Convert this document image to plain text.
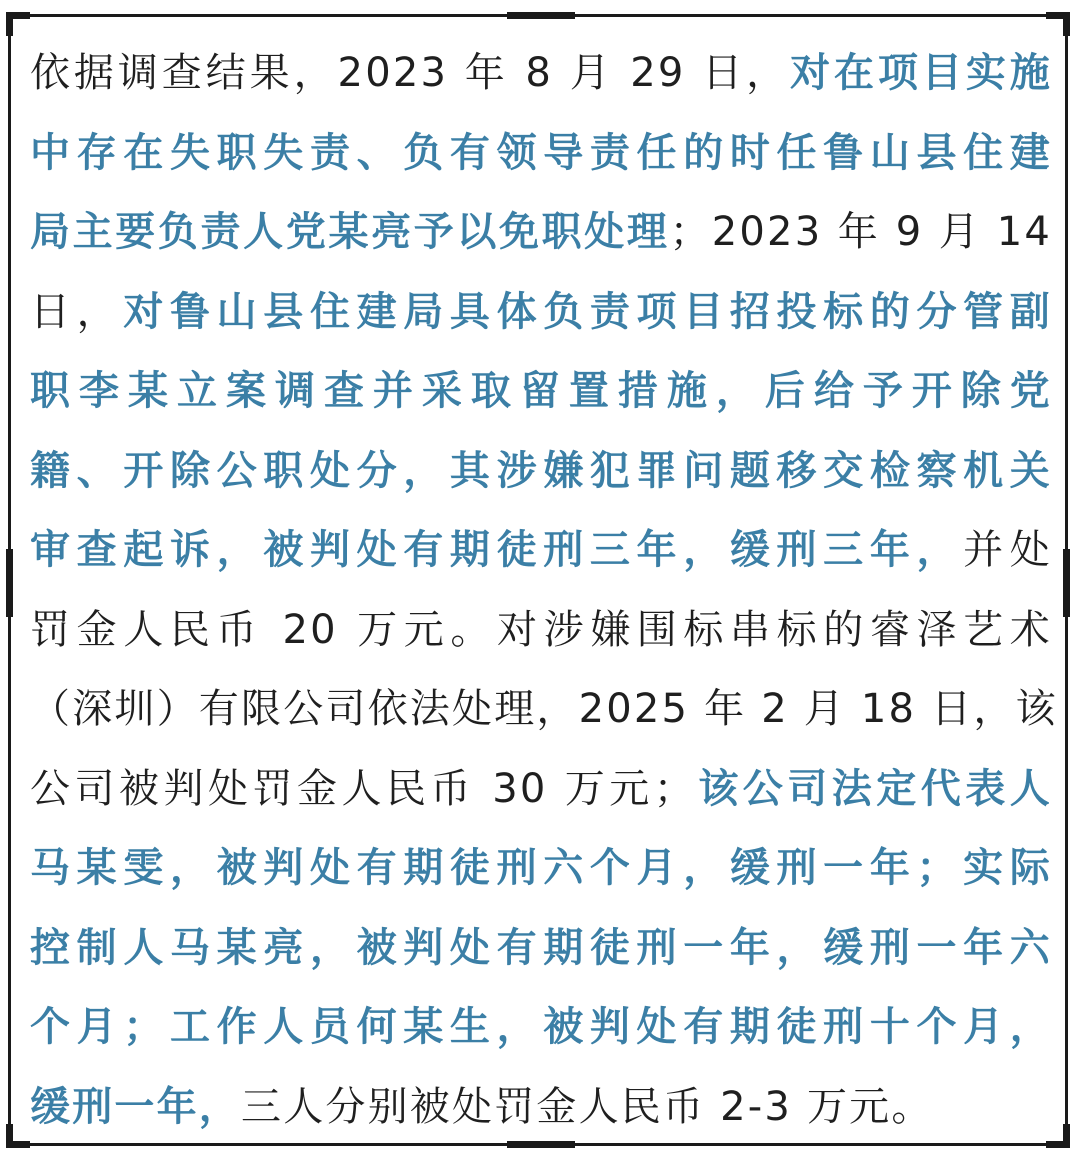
依据调查结果，2023 年 8 月 29 日，对在项目实施
中存在失职失责、负有领导责任的时任鲁山县住建
局主要负责人党某亮予以免职处理；2023 年 9 月 14
日，对鲁山县住建局具体负责项目招投标的分管副
职李某立案调查并采取留置措施，后给予开除党
籍、开除公职处分，其涉嫌犯罪问题移交检察机关
审查起诉，被判处有期徒刑三年，缓刑三年，并处
罚金人民币 20 万元。对涉嫌围标串标的睿泽艺术
（深圳）有限公司依法处理，2025 年 2 月 18 日，该
公司被判处罚金人民币 30 万元；该公司法定代表人
马某雯，被判处有期徒刑六个月，缓刑一年；实际
控制人马某亮，被判处有期徒刑一年，缓刑一年六
个月；工作人员何某生，被判处有期徒刑十个月，
缓刑一年，三人分别被处罚金人民币 2-3 万元。
